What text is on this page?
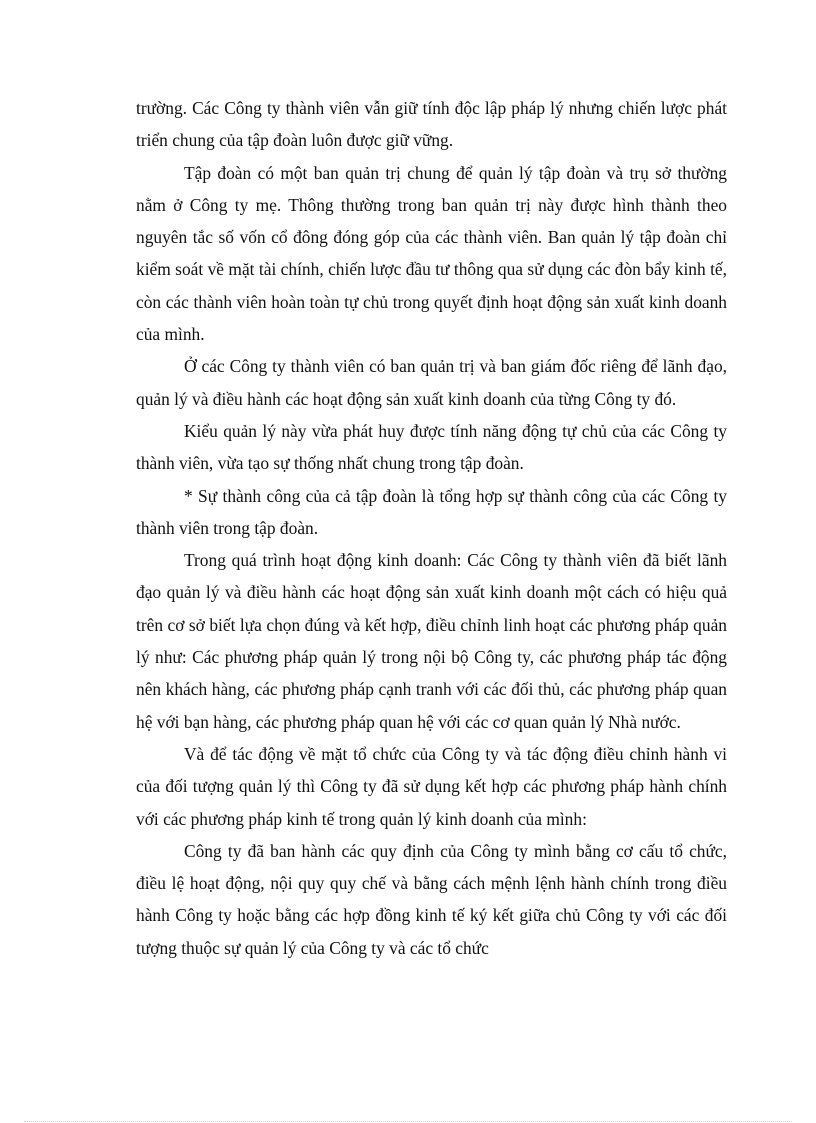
trường. Các Công ty thành viên vẫn giữ tính độc lập pháp lý nhưng chiến lược phát triển chung của tập đoàn luôn được giữ vững.

Tập đoàn có một ban quản trị chung để quản lý tập đoàn và trụ sở thường nằm ở Công ty mẹ. Thông thường trong ban quản trị này được hình thành theo nguyên tắc số vốn cổ đông đóng góp của các thành viên. Ban quản lý tập đoàn chỉ kiểm soát về mặt tài chính, chiến lược đầu tư thông qua sử dụng các đòn bẩy kinh tế, còn các thành viên hoàn toàn tự chủ trong quyết định hoạt động sản xuất kinh doanh của mình.

Ở các Công ty thành viên có ban quản trị và ban giám đốc riêng để lãnh đạo, quản lý và điều hành các hoạt động sản xuất kinh doanh của từng Công ty đó.

Kiểu quản lý này vừa phát huy được tính năng động tự chủ của các Công ty thành viên, vừa tạo sự thống nhất chung trong tập đoàn.

* Sự thành công của cả tập đoàn là tổng hợp sự thành công của các Công ty thành viên trong tập đoàn.

Trong quá trình hoạt động kinh doanh: Các Công ty thành viên đã biết lãnh đạo quản lý và điều hành các hoạt động sản xuất kinh doanh một cách có hiệu quả trên cơ sở biết lựa chọn đúng và kết hợp, điều chỉnh linh hoạt các phương pháp quản lý như: Các phương pháp quản lý trong nội bộ Công ty, các phương pháp tác động nên khách hàng, các phương pháp cạnh tranh với các đối thủ, các phương pháp quan hệ với bạn hàng, các phương pháp quan hệ với các cơ quan quản lý Nhà nước.

Và để tác động về mặt tổ chức của Công ty và tác động điều chỉnh hành vi của đối tượng quản lý thì Công ty đã sử dụng kết hợp các phương pháp hành chính với các phương pháp kinh tế trong quản lý kinh doanh của mình:

Công ty đã ban hành các quy định của Công ty mình bằng cơ cấu tổ chức, điều lệ hoạt động, nội quy quy chế và bằng cách mệnh lệnh hành chính trong điều hành Công ty hoặc bằng các hợp đồng kinh tế ký kết giữa chủ Công ty với các đối tượng thuộc sự quản lý của Công ty và các tổ chức
